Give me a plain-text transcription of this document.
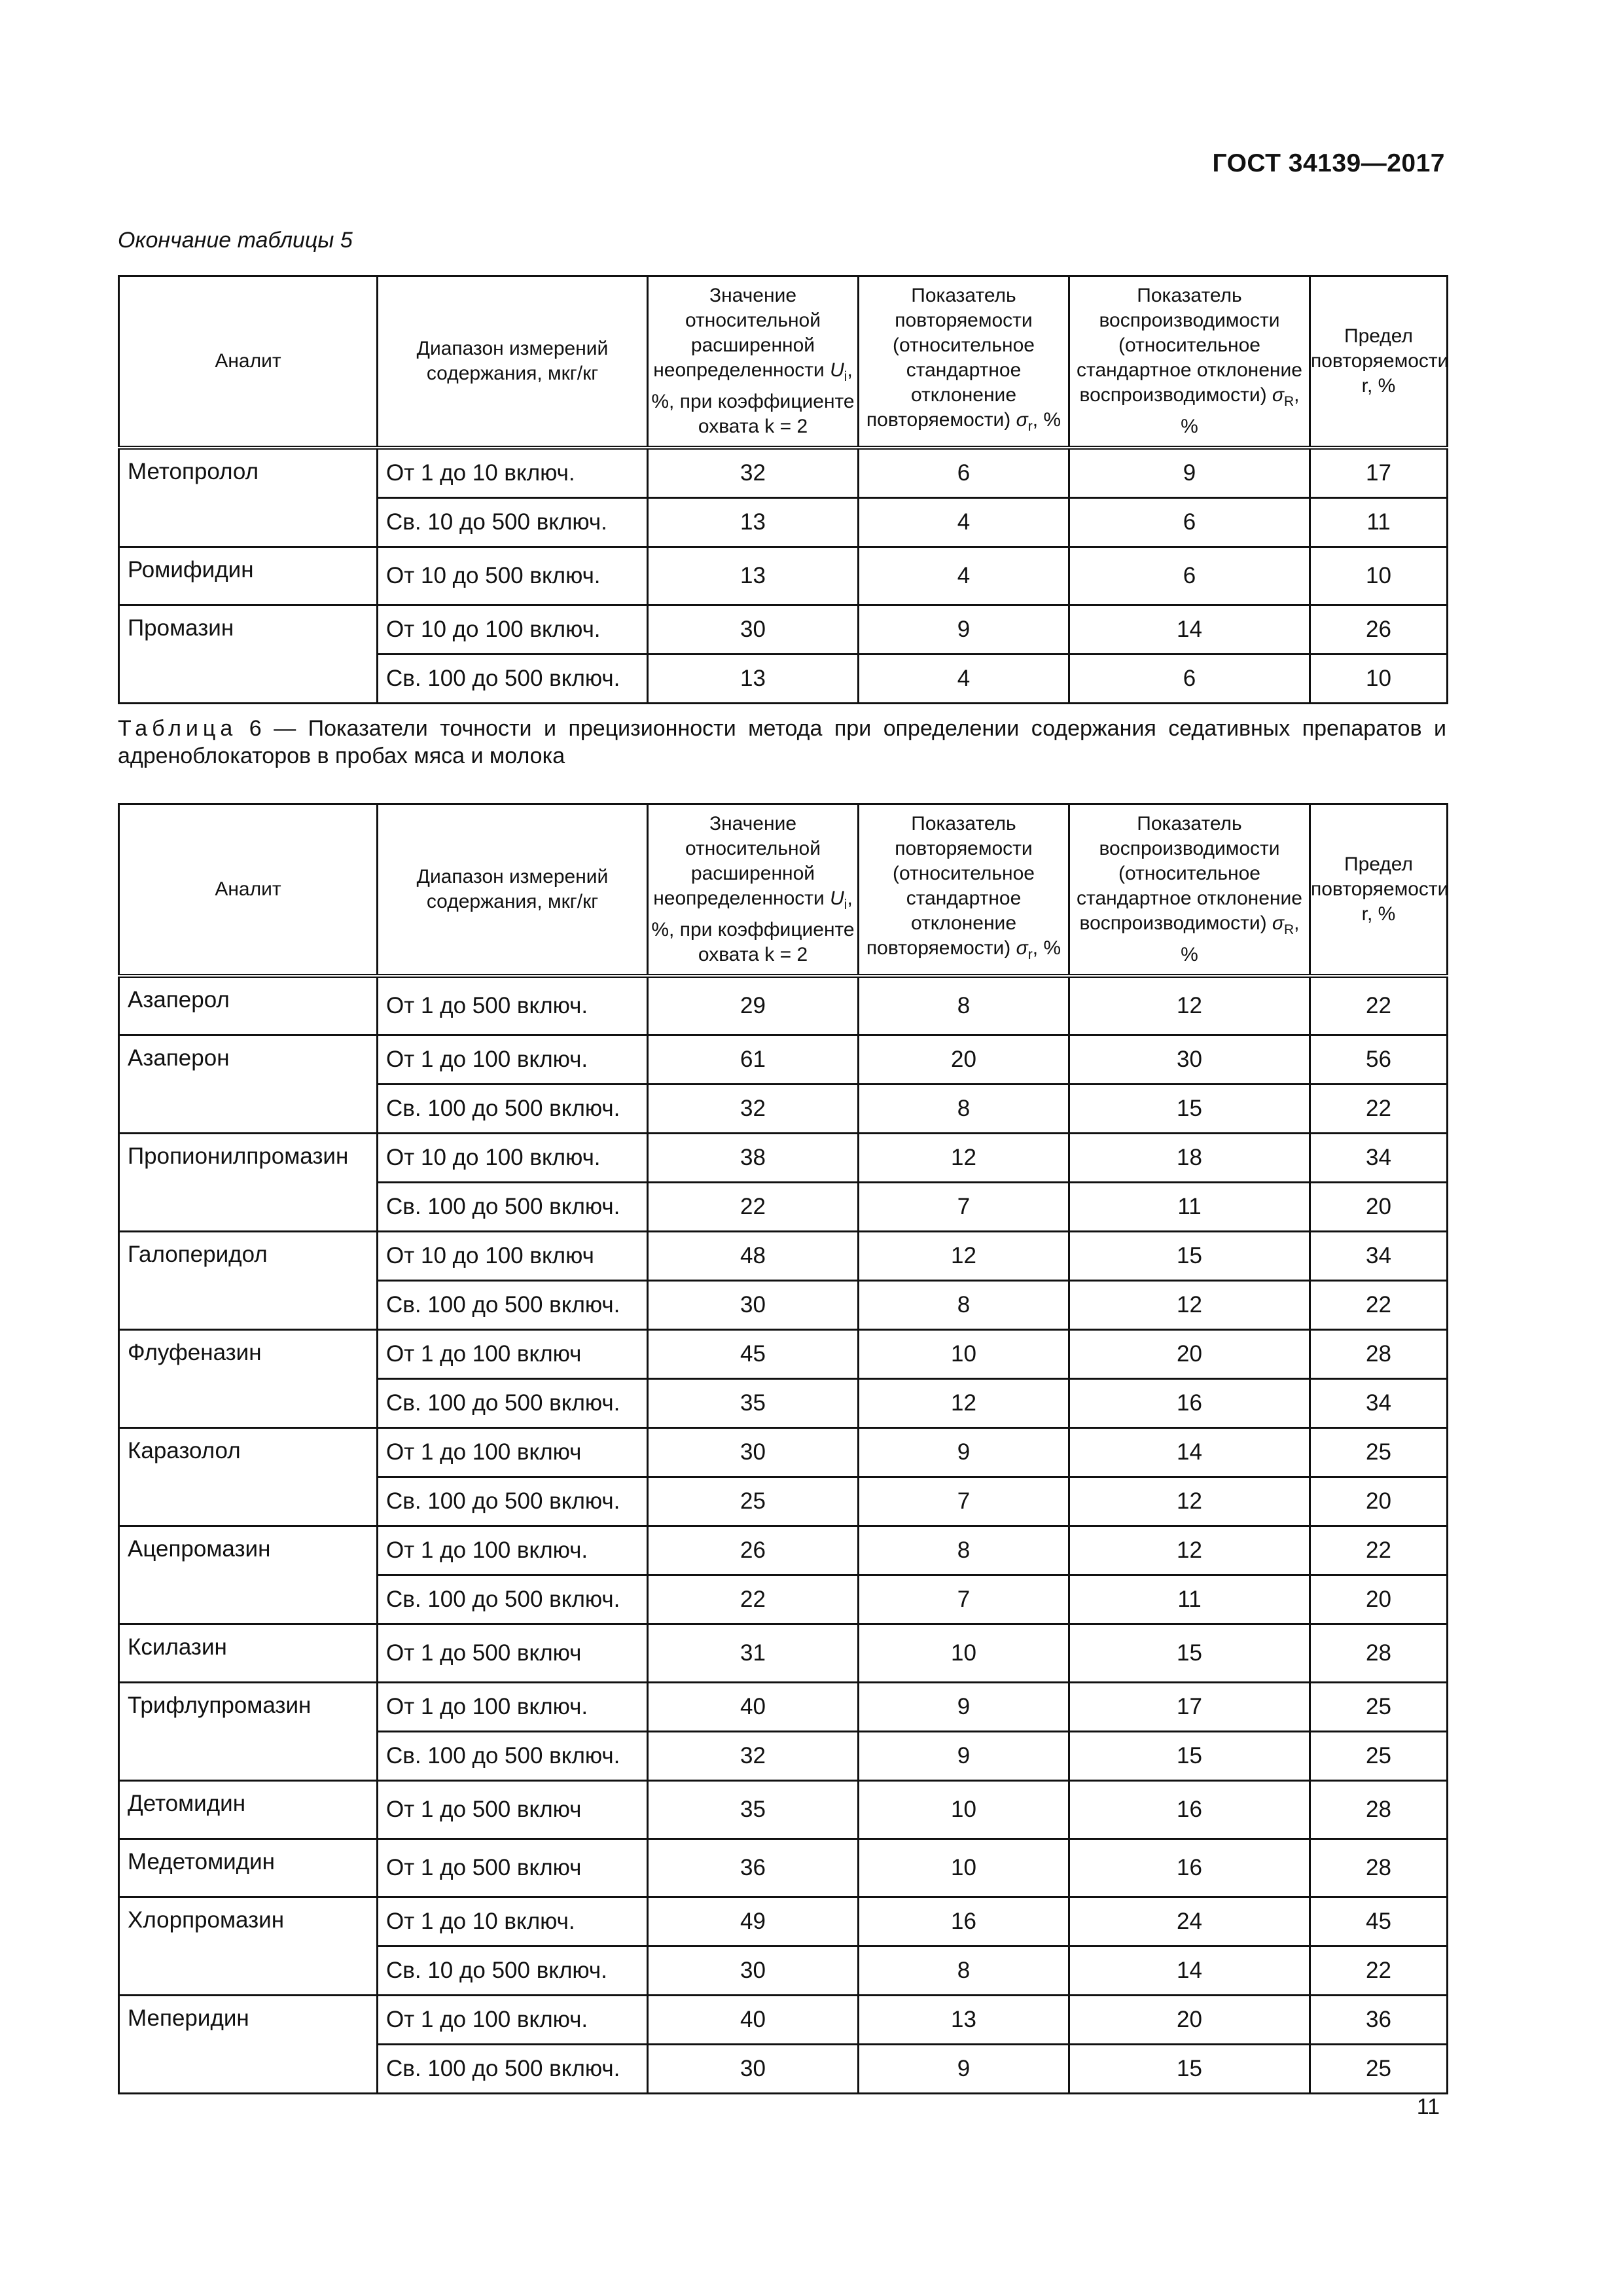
ГОСТ 34139—2017
Окончание таблицы 5
Аналит	Диапазон измерений содержания, мкг/кг	Значение относительной расширенной неопределенности $U_i$, %, при коэффициенте охвата k = 2	Показатель повторяемости (относительное стандартное отклонение повторяемости) $\sigma_r$, %	Показатель воспроизводимости (относительное стандартное отклонение воспроизводимости) $\sigma_R$, %	Предел повторяемости r, %
Метопролол	От 1 до 10 включ.	32	6	9	17
	Св. 10 до 500 включ.	13	4	6	11
Ромифидин	От 10 до 500 включ.	13	4	6	10
Промазин	От 10 до 100 включ.	30	9	14	26
	Св. 100 до 500 включ.	13	4	6	10
Таблица 6 — Показатели точности и прецизионности метода при определении содержания седативных препаратов и адреноблокаторов в пробах мяса и молока
Аналит	Диапазон измерений содержания, мкг/кг	Значение относительной расширенной неопределенности $U_i$, %, при коэффициенте охвата k = 2	Показатель повторяемости (относительное стандартное отклонение повторяемости) $\sigma_r$, %	Показатель воспроизводимости (относительное стандартное отклонение воспроизводимости) $\sigma_R$, %	Предел повторяемости r, %
Азаперол	От 1 до 500 включ.	29	8	12	22
Азаперон	От 1 до 100 включ.	61	20	30	56
	Св. 100 до 500 включ.	32	8	15	22
Пропионилпромазин	От 10 до 100 включ.	38	12	18	34
	Св. 100 до 500 включ.	22	7	11	20
Галоперидол	От 10 до 100 включ	48	12	15	34
	Св. 100 до 500 включ.	30	8	12	22
Флуфеназин	От 1 до 100 включ	45	10	20	28
	Св. 100 до 500 включ.	35	12	16	34
Каразолол	От 1 до 100 включ	30	9	14	25
	Св. 100 до 500 включ.	25	7	12	20
Ацепромазин	От 1 до 100 включ.	26	8	12	22
	Св. 100 до 500 включ.	22	7	11	20
Ксилазин	От 1 до 500 включ	31	10	15	28
Трифлупромазин	От 1 до 100 включ.	40	9	17	25
	Св. 100 до 500 включ.	32	9	15	25
Детомидин	От 1 до 500 включ	35	10	16	28
Медетомидин	От 1 до 500 включ	36	10	16	28
Хлорпромазин	От 1 до 10 включ.	49	16	24	45
	Св. 10 до 500 включ.	30	8	14	22
Меперидин	От 1 до 100 включ.	40	13	20	36
	Св. 100 до 500 включ.	30	9	15	25
11
